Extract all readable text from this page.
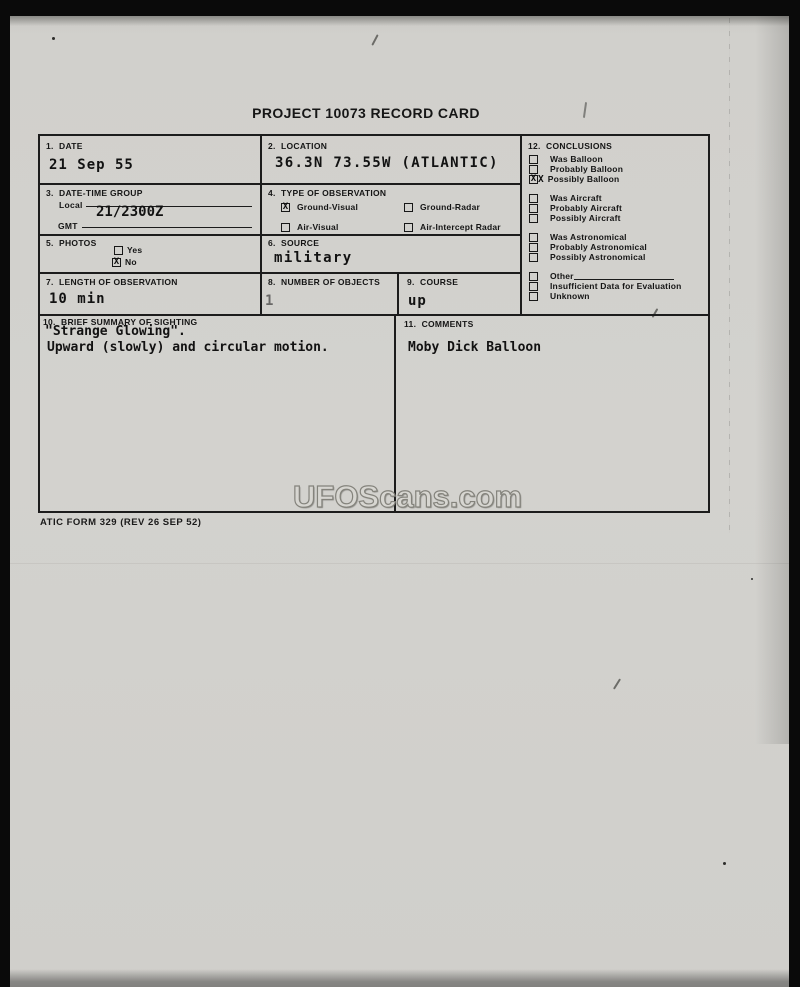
PROJECT 10073 RECORD CARD
1.  DATE
21 Sep 55
2.  LOCATION
36.3N 73.55W (ATLANTIC)
3.  DATE-TIME GROUP
Local 21/2300Z
GMT
4.  TYPE OF OBSERVATION
X Ground-Visual	Ground-Radar
Air-Visual	Air-Intercept Radar
5.  PHOTOS
Yes
X No
6.  SOURCE
military
7.  LENGTH OF OBSERVATION
10 min
8.  NUMBER OF OBJECTS
1
9.  COURSE
up
10.  BRIEF SUMMARY OF SIGHTING
"Strange Glowing".
Upward (slowly) and circular motion.
11.  COMMENTS
Moby Dick Balloon
12.  CONCLUSIONS
Was Balloon
Probably Balloon
X X Possibly Balloon
Was Aircraft
Probably Aircraft
Possibly Aircraft
Was Astronomical
Probably Astronomical
Possibly Astronomical
Other
Insufficient Data for Evaluation
Unknown
ATIC FORM 329 (REV 26 SEP 52)
UFOScans.com
